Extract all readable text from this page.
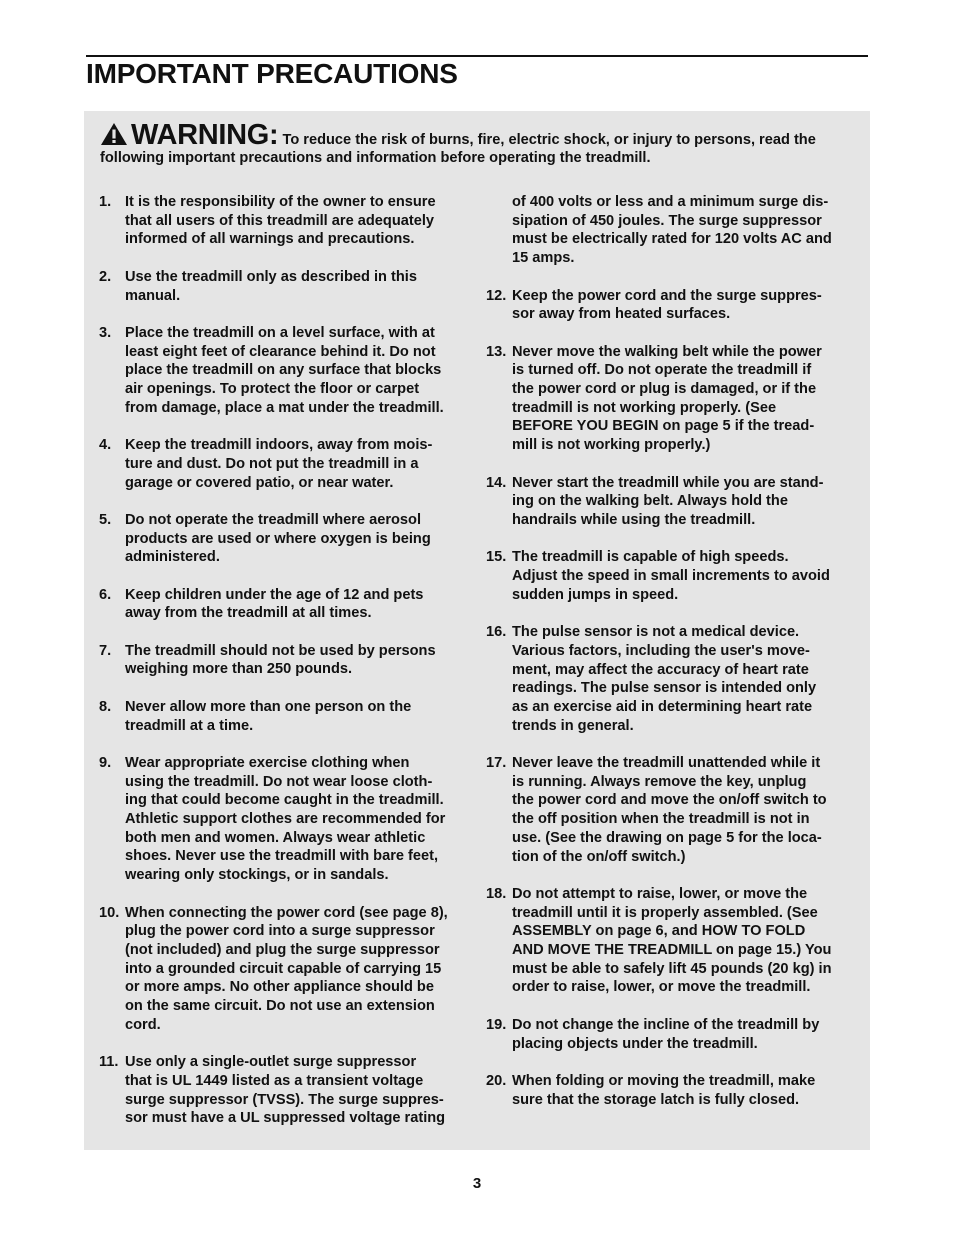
IMPORTANT PRECAUTIONS
WARNING: To reduce the risk of burns, fire, electric shock, or injury to persons, read the following important precautions and information before operating the treadmill.

1. It is the responsibility of the owner to ensure
that all users of this treadmill are adequately
informed of all warnings and precautions.

2. Use the treadmill only as described in this
manual.

3. Place the treadmill on a level surface, with at
least eight feet of clearance behind it. Do not
place the treadmill on any surface that blocks
air openings. To protect the floor or carpet
from damage, place a mat under the treadmill.

4. Keep the treadmill indoors, away from mois-
ture and dust. Do not put the treadmill in a
garage or covered patio, or near water.

5. Do not operate the treadmill where aerosol
products are used or where oxygen is being
administered.

6. Keep children under the age of 12 and pets
away from the treadmill at all times.

7. The treadmill should not be used by persons
weighing more than 250 pounds.

8. Never allow more than one person on the
treadmill at a time.

9. Wear appropriate exercise clothing when
using the treadmill. Do not wear loose cloth-
ing that could become caught in the treadmill.
Athletic support clothes are recommended for
both men and women. Always wear athletic
shoes. Never use the treadmill with bare feet,
wearing only stockings, or in sandals.

10. When connecting the power cord (see page 8),
plug the power cord into a surge suppressor
(not included) and plug the surge suppressor
into a grounded circuit capable of carrying 15
or more amps. No other appliance should be
on the same circuit. Do not use an extension
cord.

11. Use only a single-outlet surge suppressor
that is UL 1449 listed as a transient voltage
surge suppressor (TVSS). The surge suppres-
sor must have a UL suppressed voltage rating

of 400 volts or less and a minimum surge dis-
sipation of 450 joules. The surge suppressor
must be electrically rated for 120 volts AC and
15 amps.

12. Keep the power cord and the surge suppres-
sor away from heated surfaces.

13. Never move the walking belt while the power
is turned off. Do not operate the treadmill if
the power cord or plug is damaged, or if the
treadmill is not working properly. (See
BEFORE YOU BEGIN on page 5 if the tread-
mill is not working properly.)

14. Never start the treadmill while you are stand-
ing on the walking belt. Always hold the
handrails while using the treadmill.

15. The treadmill is capable of high speeds.
Adjust the speed in small increments to avoid
sudden jumps in speed.

16. The pulse sensor is not a medical device.
Various factors, including the user's move-
ment, may affect the accuracy of heart rate
readings. The pulse sensor is intended only
as an exercise aid in determining heart rate
trends in general.

17. Never leave the treadmill unattended while it
is running. Always remove the key, unplug
the power cord and move the on/off switch to
the off position when the treadmill is not in
use. (See the drawing on page 5 for the loca-
tion of the on/off switch.)

18. Do not attempt to raise, lower, or move the
treadmill until it is properly assembled. (See
ASSEMBLY on page 6, and HOW TO FOLD
AND MOVE THE TREADMILL on page 15.) You
must be able to safely lift 45 pounds (20 kg) in
order to raise, lower, or move the treadmill.

19. Do not change the incline of the treadmill by
placing objects under the treadmill.

20. When folding or moving the treadmill, make
sure that the storage latch is fully closed.

3
